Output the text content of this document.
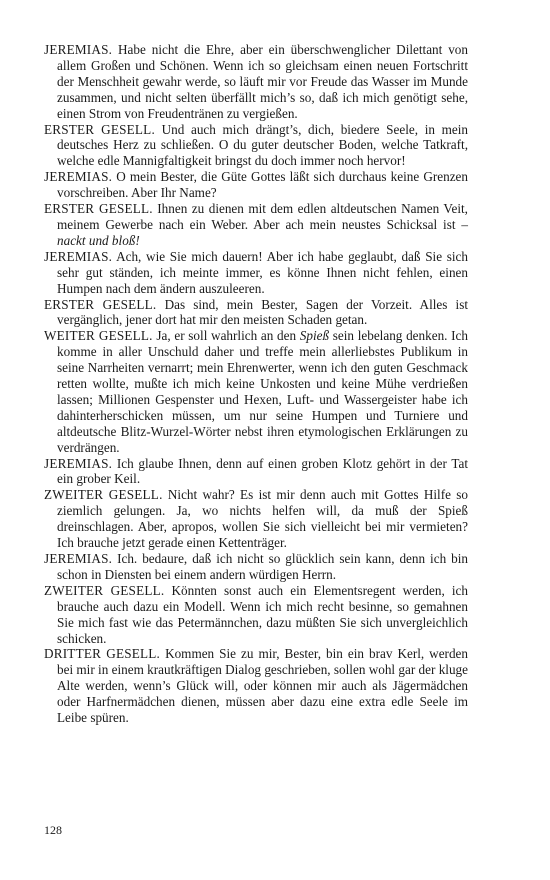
JEREMIAS. Habe nicht die Ehre, aber ein überschwenglicher Dilettant von allem Großen und Schönen. Wenn ich so gleichsam einen neuen Fortschritt der Menschheit gewahr werde, so läuft mir vor Freude das Wasser im Munde zusammen, und nicht selten überfällt mich’s so, daß ich mich genötigt sehe, einen Strom von Freudentränen zu vergießen.

ERSTER GESELL. Und auch mich drängt’s, dich, biedere Seele, in mein deutsches Herz zu schließen. O du guter deutscher Boden, welche Tatkraft, welche edle Mannigfaltigkeit bringst du doch immer noch hervor!

JEREMIAS. O mein Bester, die Güte Gottes läßt sich durchaus keine Grenzen vorschreiben. Aber Ihr Name?

ERSTER GESELL. Ihnen zu dienen mit dem edlen altdeutschen Namen Veit, meinem Gewerbe nach ein Weber. Aber ach mein neustes Schicksal ist – nackt und bloß!

JEREMIAS. Ach, wie Sie mich dauern! Aber ich habe geglaubt, daß Sie sich sehr gut ständen, ich meinte immer, es könne Ihnen nicht fehlen, einen Humpen nach dem ändern auszuleeren.

ERSTER GESELL. Das sind, mein Bester, Sagen der Vorzeit. Alles ist vergänglich, jener dort hat mir den meisten Schaden getan.

WEITER GESELL. Ja, er soll wahrlich an den Spieß sein lebelang denken. Ich komme in aller Unschuld daher und treffe mein allerliebstes Publikum in seine Narrheiten vernarrt; mein Ehrenwerter, wenn ich den guten Geschmack retten wollte, mußte ich mich keine Unkosten und keine Mühe verdrießen lassen; Millionen Gespenster und Hexen, Luft- und Wassergeister habe ich dahinterherschicken müssen, um nur seine Humpen und Turniere und altdeutsche Blitz-Wurzel-Wörter nebst ihren etymologischen Erklärungen zu verdrängen.

JEREMIAS. Ich glaube Ihnen, denn auf einen groben Klotz gehört in der Tat ein grober Keil.

ZWEITER GESELL. Nicht wahr? Es ist mir denn auch mit Gottes Hilfe so ziemlich gelungen. Ja, wo nichts helfen will, da muß der Spieß dreinschlagen. Aber, apropos, wollen Sie sich vielleicht bei mir vermieten? Ich brauche jetzt gerade einen Kettenträger.

JEREMIAS. Ich. bedaure, daß ich nicht so glücklich sein kann, denn ich bin schon in Diensten bei einem andern würdigen Herrn.

ZWEITER GESELL. Könnten sonst auch ein Elementsregent werden, ich brauche auch dazu ein Modell. Wenn ich mich recht besinne, so gemahnen Sie mich fast wie das Petermännchen, dazu müßten Sie sich unvergleichlich schicken.

DRITTER GESELL. Kommen Sie zu mir, Bester, bin ein brav Kerl, werden bei mir in einem krautkräftigen Dialog geschrieben, sollen wohl gar der kluge Alte werden, wenn’s Glück will, oder können mir auch als Jägermädchen oder Harfnermädchen dienen, müssen aber dazu eine extra edle Seele im Leibe spüren.

128
